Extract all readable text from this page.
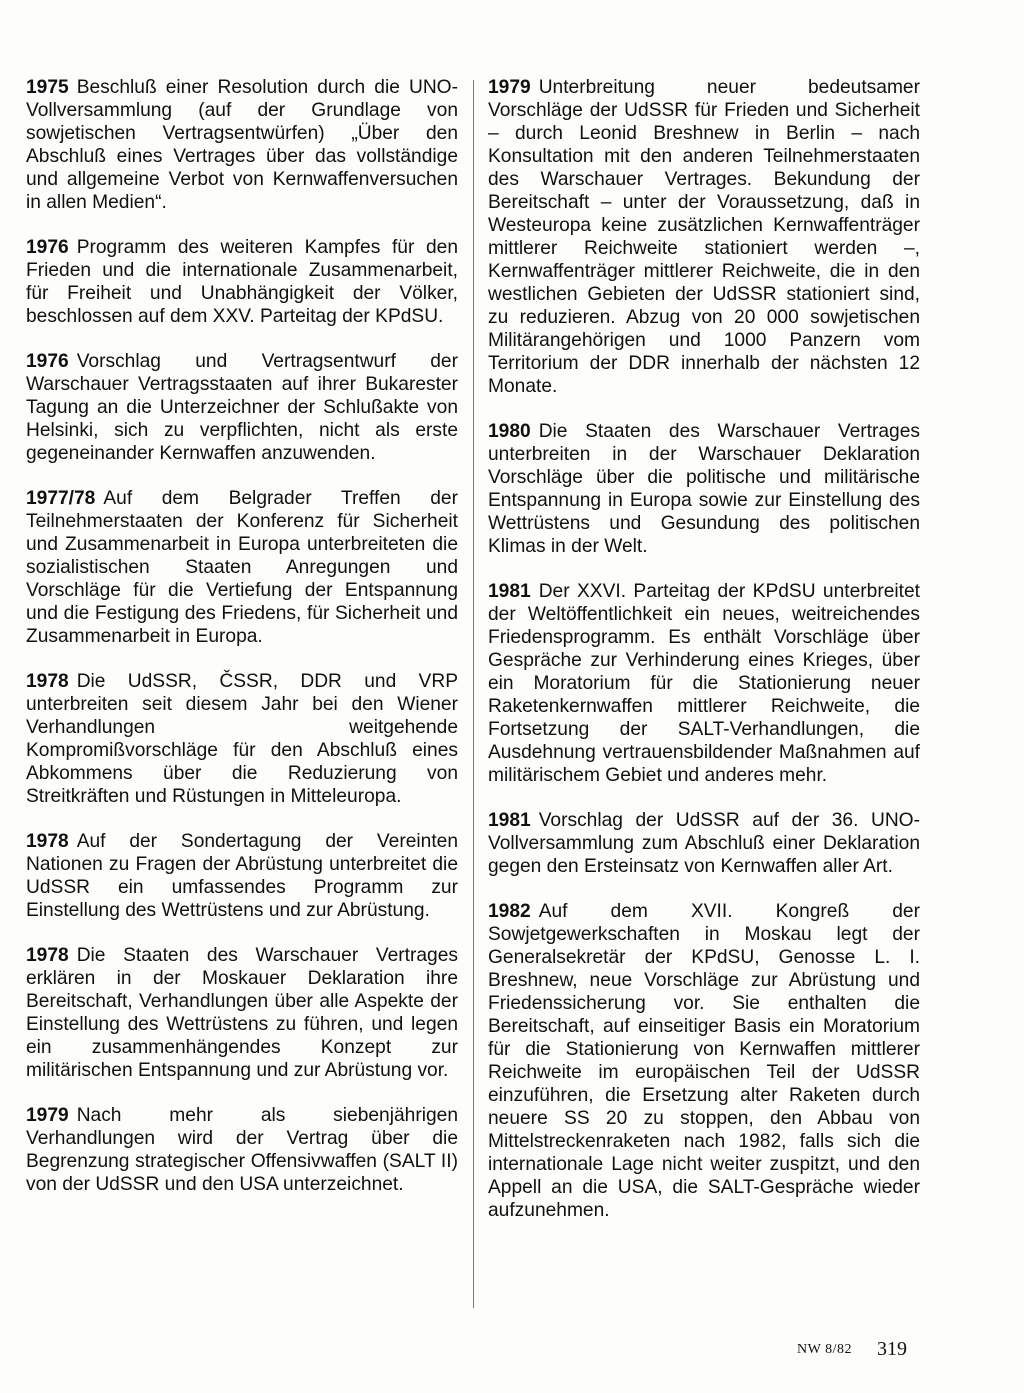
1975 Beschluß einer Resolution durch die UNO-Vollversammlung (auf der Grundlage von sowjetischen Vertragsentwürfen) „Über den Abschluß eines Vertrages über das vollständige und allgemeine Verbot von Kernwaffenversuchen in allen Medien“.

1976 Programm des weiteren Kampfes für den Frieden und die internationale Zusammenarbeit, für Freiheit und Unabhängigkeit der Völker, beschlossen auf dem XXV. Parteitag der KPdSU.

1976 Vorschlag und Vertragsentwurf der Warschauer Vertragsstaaten auf ihrer Bukarester Tagung an die Unterzeichner der Schlußakte von Helsinki, sich zu verpflichten, nicht als erste gegeneinander Kernwaffen anzuwenden.

1977/78 Auf dem Belgrader Treffen der Teilnehmerstaaten der Konferenz für Sicherheit und Zusammenarbeit in Europa unterbreiteten die sozialistischen Staaten Anregungen und Vorschläge für die Vertiefung der Entspannung und die Festigung des Friedens, für Sicherheit und Zusammenarbeit in Europa.

1978 Die UdSSR, ČSSR, DDR und VRP unterbreiten seit diesem Jahr bei den Wiener Verhandlungen weitgehende Kompromißvorschläge für den Abschluß eines Abkommens über die Reduzierung von Streitkräften und Rüstungen in Mitteleuropa.

1978 Auf der Sondertagung der Vereinten Nationen zu Fragen der Abrüstung unterbreitet die UdSSR ein umfassendes Programm zur Einstellung des Wettrüstens und zur Abrüstung.

1978 Die Staaten des Warschauer Vertrages erklären in der Moskauer Deklaration ihre Bereitschaft, Verhandlungen über alle Aspekte der Einstellung des Wettrüstens zu führen, und legen ein zusammenhängendes Konzept zur militärischen Entspannung und zur Abrüstung vor.

1979 Nach mehr als siebenjährigen Verhandlungen wird der Vertrag über die Begrenzung strategischer Offensivwaffen (SALT II) von der UdSSR und den USA unterzeichnet.

1979 Unterbreitung neuer bedeutsamer Vorschläge der UdSSR für Frieden und Sicherheit – durch Leonid Breshnew in Berlin – nach Konsultation mit den anderen Teilnehmerstaaten des Warschauer Vertrages. Bekundung der Bereitschaft – unter der Voraussetzung, daß in Westeuropa keine zusätzlichen Kernwaffenträger mittlerer Reichweite stationiert werden –, Kernwaffenträger mittlerer Reichweite, die in den westlichen Gebieten der UdSSR stationiert sind, zu reduzieren. Abzug von 20 000 sowjetischen Militärangehörigen und 1000 Panzern vom Territorium der DDR innerhalb der nächsten 12 Monate.

1980 Die Staaten des Warschauer Vertrages unterbreiten in der Warschauer Deklaration Vorschläge über die politische und militärische Entspannung in Europa sowie zur Einstellung des Wettrüstens und Gesundung des politischen Klimas in der Welt.

1981 Der XXVI. Parteitag der KPdSU unterbreitet der Weltöffentlichkeit ein neues, weitreichendes Friedensprogramm. Es enthält Vorschläge über Gespräche zur Verhinderung eines Krieges, über ein Moratorium für die Stationierung neuer Raketenkernwaffen mittlerer Reichweite, die Fortsetzung der SALT-Verhandlungen, die Ausdehnung vertrauensbildender Maßnahmen auf militärischem Gebiet und anderes mehr.

1981 Vorschlag der UdSSR auf der 36. UNO-Vollversammlung zum Abschluß einer Deklaration gegen den Ersteinsatz von Kernwaffen aller Art.

1982 Auf dem XVII. Kongreß der Sowjetgewerkschaften in Moskau legt der Generalsekretär der KPdSU, Genosse L. I. Breshnew, neue Vorschläge zur Abrüstung und Friedenssicherung vor. Sie enthalten die Bereitschaft, auf einseitiger Basis ein Moratorium für die Stationierung von Kernwaffen mittlerer Reichweite im europäischen Teil der UdSSR einzuführen, die Ersetzung alter Raketen durch neuere SS 20 zu stoppen, den Abbau von Mittelstreckenraketen nach 1982, falls sich die internationale Lage nicht weiter zuspitzt, und den Appell an die USA, die SALT-Gespräche wieder aufzunehmen.

NW 8/82 319
